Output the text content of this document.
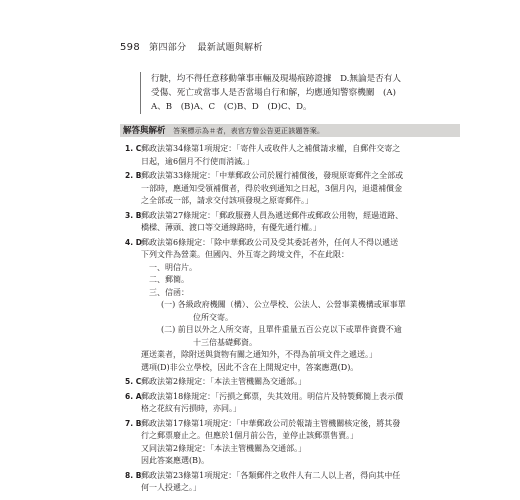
598 第四部分 最新試題與解析

行駛，均不得任意移動肇事車輛及現場痕跡證據　D.無論是否有人

受傷、死亡或當事人是否當場自行和解，均應通知警察機關　(A)

A、B　(B)A、C　(C)B、D　(D)C、D。

解答與解析 答案標示為＃者，表官方曾公告更正該題答案。
1. C 郵政法第34條第1項規定：「寄件人或收件人之補償請求權，自郵件交寄之

日起，逾6個月不行使而消滅。」

2. B 郵政法第33條規定：「中華郵政公司於履行補償後，發現原寄郵件之全部或

一部時，應通知受領補償者，得於收到通知之日起，3個月內，退還補償金

之全部或一部，請求交付該項發現之原寄郵件。」

3. B 郵政法第27條規定：「郵政服務人員為遞送郵件或郵政公用物，經過道路、

橋樑、薄頭、渡口等交通線路時，有優先通行權。」

4. D 郵政法第6條規定：「除中華郵政公司及受其委託者外，任何人不得以遞送

下列文件為營業。但國內、外互寄之跨境文件，不在此限：

一、明信片。

二、郵簡。

三、信函：

(一) 各級政府機關（構）、公立學校、公法人、公營事業機構或軍事單

位所交寄。

(二) 前目以外之人所交寄，且單件重量五百公克以下或單件資費不逾

十三倍基礎郵資。

運送業者，除附送與貨物有關之通知外，不得為前項文件之遞送。」

選項(D)非公立學校，因此不含在上開規定中，答案應選(D)。

5. C 郵政法第2條規定：「本法主管機關為交通部。」

6. A 郵政法第18條規定：「污損之郵票，失其效用。明信片及特製郵簡上表示價

格之花紋有污損時，亦同。」

7. B 郵政法第17條第1項規定：「中華郵政公司於報請主管機關核定後，將其發

行之郵票廢止之。但應於1個月前公告，並停止該郵票售賣。」

又同法第2條規定：「本法主管機關為交通部。」

因此答案應選(B)。

8. B 郵政法第23條第1項規定：「各類郵件之收件人有二人以上者，得向其中任

何一人投遞之。」
